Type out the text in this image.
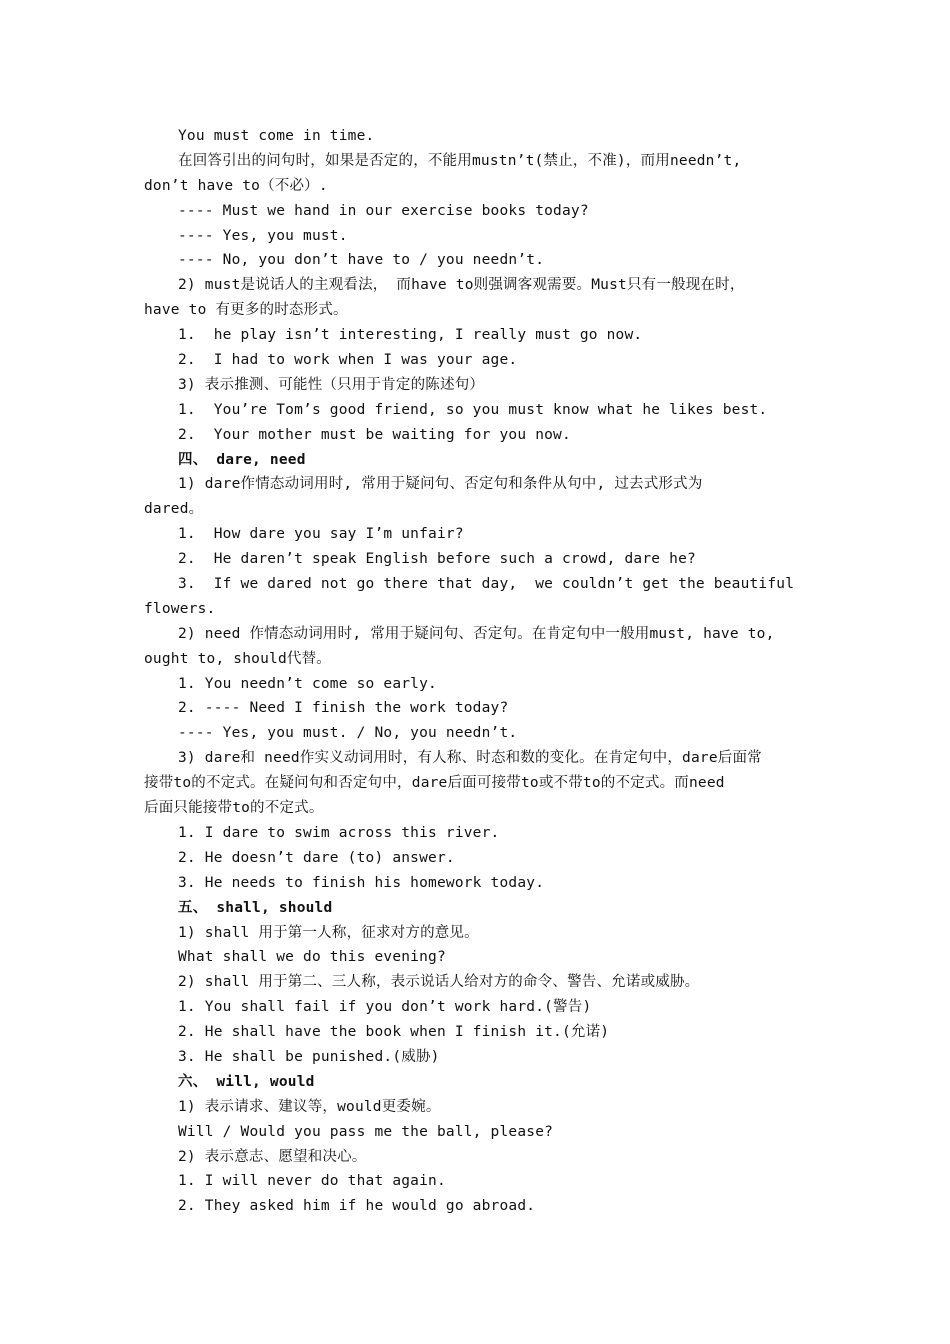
You must come in time.
在回答引出的问句时，如果是否定的，不能用mustn’t(禁止，不准)，而用needn’t,
don’t have to（不必）.
---- Must we hand in our exercise books today?
---- Yes, you must.
---- No, you don’t have to / you needn’t.
2) must是说话人的主观看法， 而have to则强调客观需要。Must只有一般现在时，
have to 有更多的时态形式。
1.  he play isn’t interesting, I really must go now.
2.  I had to work when I was your age.
3) 表示推测、可能性（只用于肯定的陈述句）
1.  You’re Tom’s good friend, so you must know what he likes best.
2.  Your mother must be waiting for you now.
四、 dare, need
1) dare作情态动词用时, 常用于疑问句、否定句和条件从句中, 过去式形式为
dared。
1.  How dare you say I’m unfair?
2.  He daren’t speak English before such a crowd, dare he?
3.  If we dared not go there that day,  we couldn’t get the beautiful
flowers.
2) need 作情态动词用时, 常用于疑问句、否定句。在肯定句中一般用must, have to,
ought to, should代替。
1. You needn’t come so early.
2. ---- Need I finish the work today?
---- Yes, you must. / No, you needn’t.
3) dare和 need作实义动词用时，有人称、时态和数的变化。在肯定句中，dare后面常
接带to的不定式。在疑问句和否定句中，dare后面可接带to或不带to的不定式。而need
后面只能接带to的不定式。
1. I dare to swim across this river.
2. He doesn’t dare (to) answer.
3. He needs to finish his homework today.
五、 shall, should
1) shall 用于第一人称，征求对方的意见。
What shall we do this evening?
2) shall 用于第二、三人称，表示说话人给对方的命令、警告、允诺或威胁。
1. You shall fail if you don’t work hard.(警告)
2. He shall have the book when I finish it.(允诺)
3. He shall be punished.(威胁)
六、 will, would
1) 表示请求、建议等，would更委婉。
Will / Would you pass me the ball, please?
2) 表示意志、愿望和决心。
1. I will never do that again.
2. They asked him if he would go abroad.
